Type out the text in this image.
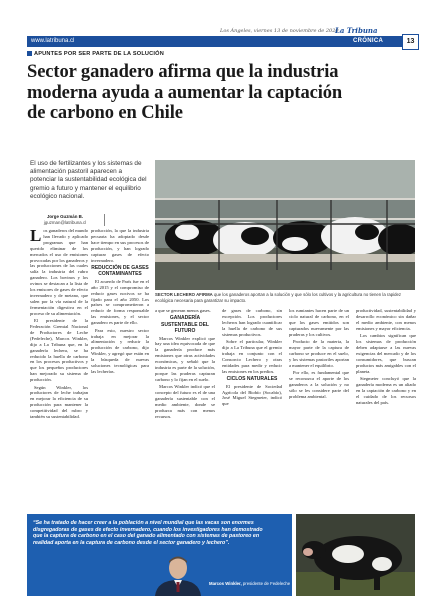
Los Ángeles, viernes 13 de noviembre de 2020
La Tribuna
www.latribuna.cl	CRÓNICA	13
APUNTES POR SER PARTE DE LA SOLUCIÓN
Sector ganadero afirma que la industria
moderna ayuda a aumentar la captación
de carbono en Chile
El uso de fertilizantes y los sistemas de alimentación pastoril aparecen a potenciar la sustentabilidad ecológica del gremio a futuro y mantener el equilibrio ecológico nacional.
Jorge Guzmán B.
jguzman@latribuna.cl
SECTOR LECHERO AFIRMA que los ganaderos aportan a la solución y que sólo los cultivos y la agricultura no tienen la rapidez ecológica necesaria para garantizar su impacto.

Los ganaderos del mundo han llevado y aplicado programas que han querido eliminar de los mercados el uso de emisiones provocadas por los ganaderos y las producciones de las cuales salía la industria del rubro ganadero. Los bovinos y los ovinos se destacan a la lista de los emisores de gases de efecto invernadero y de metano, que salen por la vía natural de la fermentación digestiva en el proceso de su alimentación.

El presidente de la Federación Gremial Nacional de Productores de Leche (Fedeleche), Marcos Winkler, dijo a La Tribuna que, en la ganadería lechera, se ha reducido la huella de carbono en los procesos productivos y que los pequeños productores han mejorado su sistema de producción.

Según Winkler, los productores de leche trabajan en mejorar la eficiencia de su producción para mantener la competitividad del rubro y también su sustentabilidad.

producción, la que la industria pecuaria ha adoptado desde hace tiempo en sus procesos de producción, y han logrado capturar gases de efecto invernadero.

REDUCCIÓN DE GASES CONTAMINANTES

El acuerdo de París fue en el año 2015 y el compromiso de reducir gases nocivos se ha fijado para el año 2050. Los países se comprometieron a reducir de forma responsable las emisiones, y el sector ganadero es parte de ello.

Para esto, nuestro sector trabaja en mejorar la alimentación y reducir la producción de carbono, dijo Winkler, y agregó que están en la búsqueda de nuevas soluciones tecnológicas para las lecherías.

a que se generan menos gases.

GANADERÍA SUSTENTABLE DEL FUTURO

Marcos Winkler explicó que hay una idea equivocada de que la ganadería produce más emisiones que otras actividades económicas, y señaló que la industria es parte de la solución, porque las praderas capturan carbono y lo fijan en el suelo.

Marcos Winkler indicó que el concepto del futuro es el de una ganadería sustentable con el medio ambiente, donde se produzca más con menos recursos.

de gases de carbono, sin excepción. Los productores lecheros han logrado cuantificar la huella de carbono de sus sistemas productivos.

Sobre el particular, Winkler dijo a La Tribuna que el gremio trabaja en conjunto con el Consorcio Lechero y otras entidades para medir y reducir las emisiones en los predios.

CICLOS NATURALES

El presidente de Sociedad Agrícola del Biobío (Socabío), José Miguel Stegmeier, indicó que

los rumiantes hacen parte de un ciclo natural de carbono, en el que los gases emitidos son capturados nuevamente por las praderas y los cultivos.

Producto de la materia, la mayor parte de la captura de carbono se produce en el suelo, y los sistemas pastoriles aportan a mantener el equilibrio.

Por ello, es fundamental que se reconozca el aporte de los ganaderos a la solución y no sólo se les considere parte del problema ambiental.

productividad, sustentabilidad y desarrollo económico sin dañar el medio ambiente, con menos emisiones y mayor eficiencia.

Los cambios significan que los sistemas de producción deben adaptarse a las nuevas exigencias del mercado y de los consumidores, que buscan productos más amigables con el planeta.

Stegmeier concluyó que la ganadería moderna es un aliado en la captación de carbono y en el cuidado de los recursos naturales del país.

“Se ha tratado de hacer creer a la población a nivel mundial que las vacas son enormes disgregadoras de gases de efecto invernadero, cuando los investigadores han demostrado que la captura de carbono en el caso del ganado alimentado con sistemas de pastoreo en realidad aporta en la captura de carbono desde el sector ganadero y lechero”.
Marcos Winkler, presidente de Fedeleche
